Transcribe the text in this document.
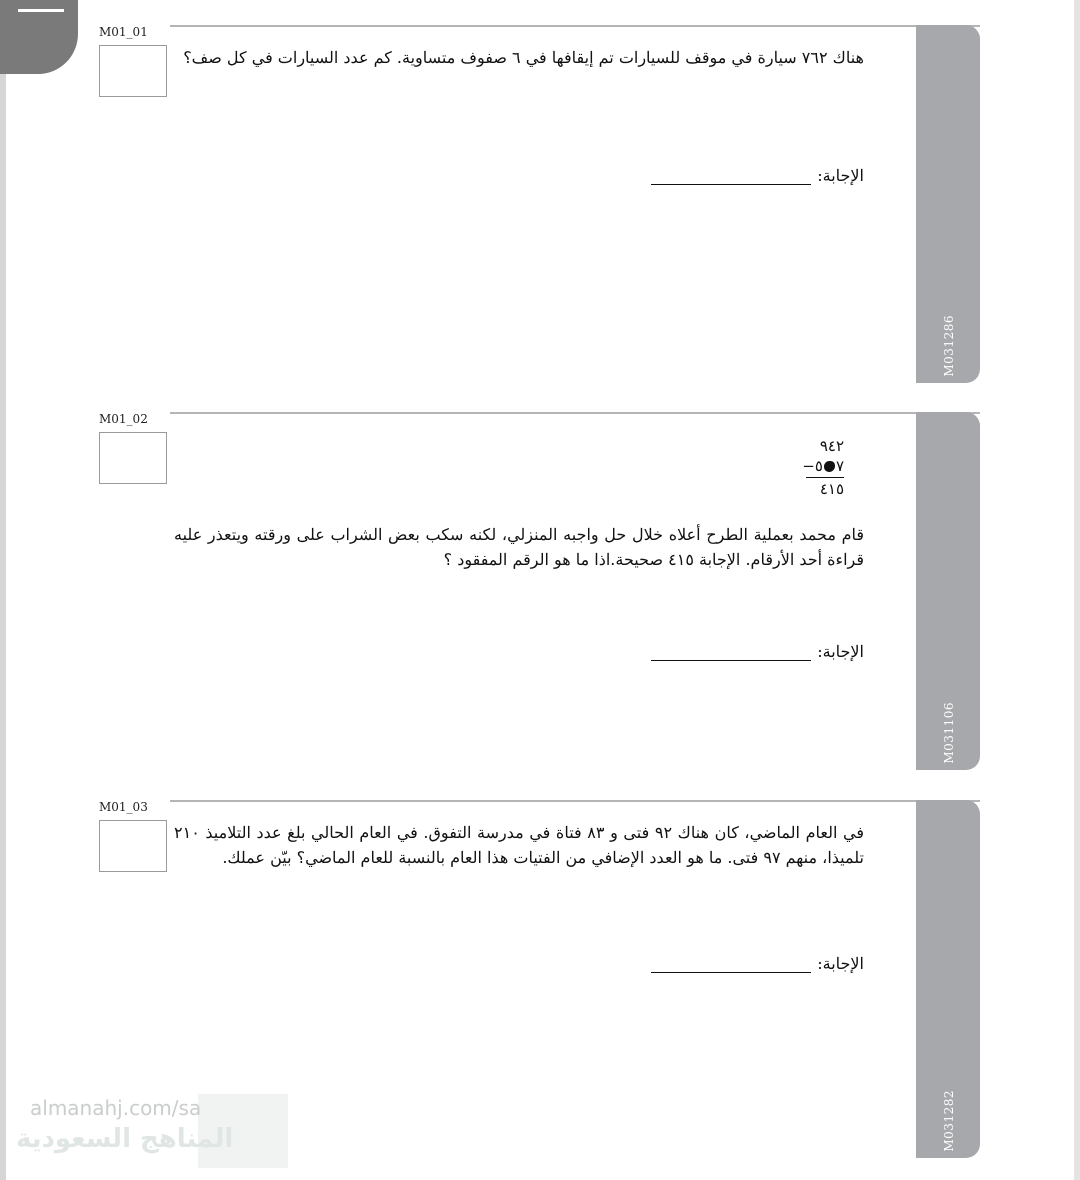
M01_01
M031286
هناك ٧٦٢ سيارة في موقف للسيارات تم إيقافها في ٦ صفوف متساوية. كم عدد السيارات في كل صف؟
الإجابة:
M01_02
M031106
٩٤٢
−٧٥
٤١٥
قام محمد بعملية الطرح أعلاه خلال حل واجبه المنزلي، لكنه سكب بعض الشراب على ورقته ويتعذر عليه قراءة أحد الأرقام. الإجابة ٤١٥ صحيحة.اذا ما هو الرقم المفقود ؟
الإجابة:
M01_03
M031282
في العام الماضي، كان هناك ٩٢ فتى و ٨٣ فتاة في مدرسة التفوق. في العام الحالي بلغ عدد التلاميذ ٢١٠ تلميذا، منهم ٩٧ فتى. ما هو العدد الإضافي من الفتيات هذا العام بالنسبة للعام الماضي؟ بيّن عملك.
الإجابة:
almanahj.com/sa
المناهج السعودية
